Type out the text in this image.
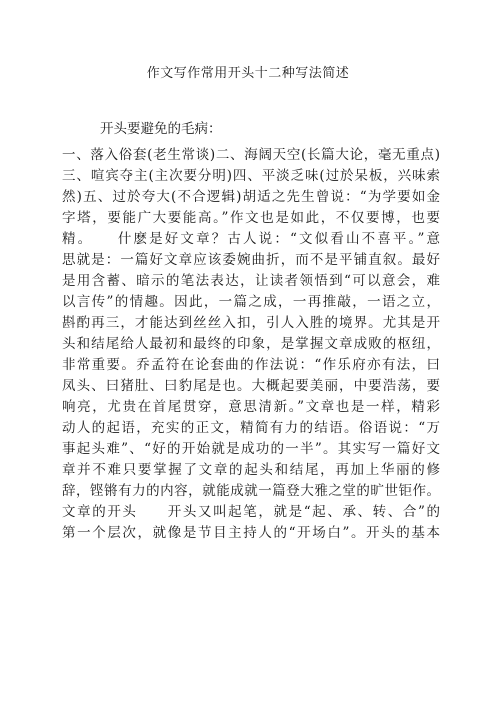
作文写作常用开头十二种写法简述
开头要避免的毛病：
一、落入俗套(老生常谈)二、海阔天空(长篇大论，毫无重点)
三、喧宾夺主(主次要分明)四、平淡乏味(过於呆板，兴味索
然)五、过於夸大(不合逻辑)胡适之先生曾说：“为学要如金
字塔，要能广大要能高。”作文也是如此，不仅要博，也要
精。　　什麽是好文章？古人说：“文似看山不喜平。”意
思就是：一篇好文章应该委婉曲折，而不是平铺直叙。最好
是用含蓄、暗示的笔法表达，让读者领悟到“可以意会，难
以言传”的情趣。因此，一篇之成，一再推敲，一语之立，
斟酌再三，才能达到丝丝入扣，引人入胜的境界。尤其是开
头和结尾给人最初和最终的印象，是掌握文章成败的枢纽，
非常重要。乔孟符在论套曲的作法说：“作乐府亦有法，曰
凤头、曰猪肚、曰豹尾是也。大概起要美丽，中要浩荡，要
响亮，尤贵在首尾贯穿，意思清新。”文章也是一样，精彩
动人的起语，充实的正文，精简有力的结语。俗语说：“万
事起头难”、“好的开始就是成功的一半”。其实写一篇好文
章并不难只要掌握了文章的起头和结尾，再加上华丽的修
辞，铿锵有力的内容，就能成就一篇登大雅之堂的旷世钜作。
文章的开头　　开头又叫起笔，就是“起、承、转、合”的
第一个层次，就像是节目主持人的“开场白”。开头的基本
